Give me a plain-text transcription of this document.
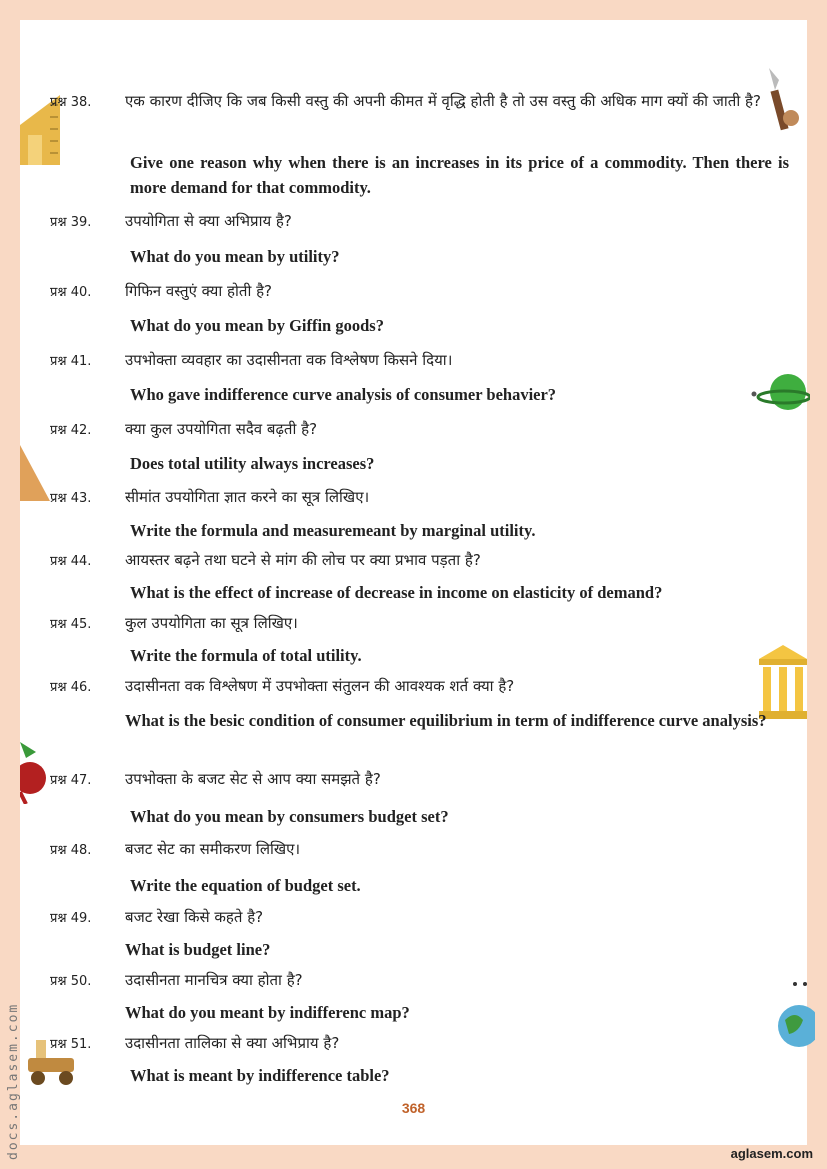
प्रश्न 38.	एक कारण दीजिए कि जब किसी वस्तु की अपनी कीमत में वृद्धि होती है तो उस वस्तु की अधिक माग क्यों की जाती है?
Give one reason why when there is an increases in its price of a commodity. Then there is more demand for that commodity.
प्रश्न 39.	उपयोगिता से क्या अभिप्राय है?
What do you mean by utility?
प्रश्न 40.	गिफिन वस्तुएं क्या होती है?
What do you mean by Giffin goods?
प्रश्न 41.	उपभोक्ता व्यवहार का उदासीनता वक विश्लेषण किसने दिया।
Who gave indifference curve analysis of consumer behavier?
प्रश्न 42.	क्या कुल उपयोगिता सदैव बढ़ती है?
Does total utility always increases?
प्रश्न 43.	सीमांत उपयोगिता ज्ञात करने का सूत्र लिखिए।
Write the formula and measuremeant by marginal utility.
प्रश्न 44.	आयस्तर बढ़ने तथा घटने से मांग की लोच पर क्या प्रभाव पड़ता है?
What is the effect of increase of decrease in income on elasticity of demand?
प्रश्न 45.	कुल उपयोगिता का सूत्र लिखिए।
Write the formula of total utility.
प्रश्न 46.	उदासीनता वक विश्लेषण में उपभोक्ता संतुलन की आवश्यक शर्त क्या है?
What is the besic condition of consumer equilibrium in term of indifference curve analysis?
प्रश्न 47.	उपभोक्ता के बजट सेट से आप क्या समझते है?
What do you mean by consumers budget set?
प्रश्न 48.	बजट सेट का समीकरण लिखिए।
Write the equation of budget set.
प्रश्न 49.	बजट रेखा किसे कहते है?
What is budget line?
प्रश्न 50.	उदासीनता मानचित्र क्या होता है?
What do you meant by indifferenc map?
प्रश्न 51.	उदासीनता तालिका से क्या अभिप्राय है?
What is meant by indifference table?
368
aglasem.com
docs.aglasem.com
